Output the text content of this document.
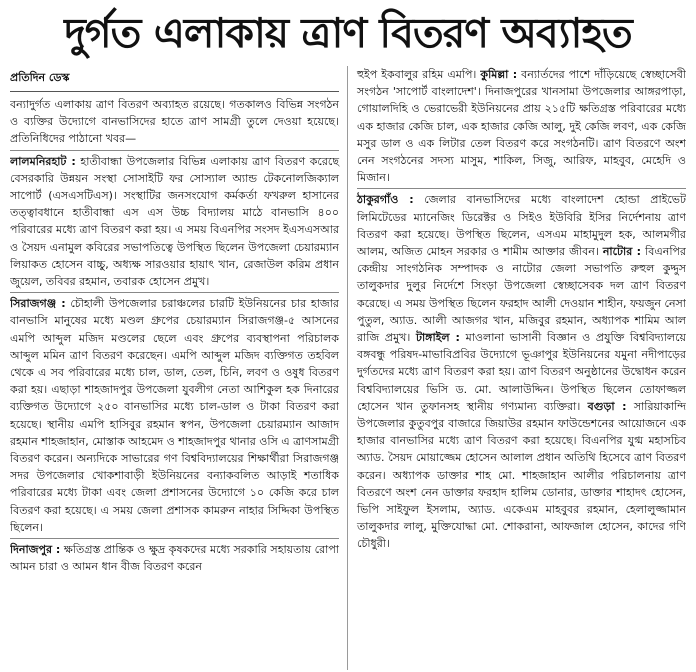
দুর্গত এলাকায় ত্রাণ বিতরণ অব্যাহত
প্রতিদিন ডেস্ক

বন্যাদুর্গত এলাকায় ত্রাণ বিতরণ অব্যাহত রয়েছে। গতকালও বিভিন্ন সংগঠন ও ব্যক্তির উদ্যোগে বানভাসিদের হাতে ত্রাণ সামগ্রী তুলে দেওয়া হয়েছে। প্রতিনিধিদের পাঠানো খবর—

লালমনিরহাট : হাতীবান্ধা উপজেলার বিভিন্ন এলাকায় ত্রাণ বিতরণ করেছে বেসরকারি উন্নয়ন সংস্থা সোসাইটি ফর সোস্যাল অ্যান্ড টেকনোলজিক্যাল সাপোর্ট (এসএসটিএস)। সংস্থাটির জনসংযোগ কর্মকর্তা ফখরুল হাসানের তত্ত্বাবধানে হাতীবান্ধা এস এস উচ্চ বিদ্যালয় মাঠে বানভাসি ৪০০ পরিবারের মধ্যে ত্রাণ বিতরণ করা হয়। এ সময় বিএনপির সংসদ ইএসএসআর ও সৈয়দ এনামুল কবিরের সভাপতিত্বে উপস্থিত ছিলেন উপজেলা চেয়ারম্যান লিয়াকত হোসেন বাচ্চু, অধ্যক্ষ সারওয়ার হায়াৎ খান, রেজাউল করিম প্রধান জুয়েল, তবিবর রহমান, তবারক হোসেন প্রমুখ।

সিরাজগঞ্জ : চৌহালী উপজেলার চরাঞ্চলের চারটি ইউনিয়নের চার হাজার বানভাসি মানুষের মধ্যে মণ্ডল গ্রুপের চেয়ারম্যান সিরাজগঞ্জ-৫ আসনের এমপি আব্দুল মজিদ মণ্ডলের ছেলে এবং গ্রুপের ব্যবস্থাপনা পরিচালক আব্দুল মমিন ত্রাণ বিতরণ করেছেন। এমপি আব্দুল মজিদ ব্যক্তিগত তহবিল থেকে এ সব পরিবারের মধ্যে চাল, ডাল, তেল, চিনি, লবণ ও ওষুধ বিতরণ করা হয়। এছাড়া শাহজাদপুর উপজেলা যুবলীগ নেতা আশিকুল হক দিনারের ব্যক্তিগত উদ্যোগে ২৫০ বানভাসির মধ্যে চাল-ডাল ও টাকা বিতরণ করা হয়েছে। স্থানীয় এমপি হাসিবুর রহমান স্বপন, উপজেলা চেয়ারম্যান আজাদ রহমান শাহজাহান, মোস্তাক আহমেদ ও শাহজাদপুর থানার ওসি এ ত্রাণসামগ্রী বিতরণ করেন। অন্যদিকে সাভারের গণ বিশ্ববিদ্যালয়ের শিক্ষার্থীরা সিরাজগঞ্জ সদর উপজেলার খোকশাবাড়ী ইউনিয়নের বন্যাকবলিত আড়াই শতাধিক পরিবারের মধ্যে টাকা এবং জেলা প্রশাসনের উদ্যোগে ১০ কেজি করে চাল বিতরণ করা হয়েছে। এ সময় জেলা প্রশাসক কামরুন নাহার সিদ্দিকা উপস্থিত ছিলেন।

দিনাজপুর : ক্ষতিগ্রস্ত প্রান্তিক ও ক্ষুদ্র কৃষকদের মধ্যে সরকারি সহায়তায় রোপা আমন চারা ও আমন ধান বীজ বিতরণ করেন

হুইপ ইকবালুর রহিম এমপি। কুমিল্লা : বন্যার্তদের পাশে দাঁড়িয়েছে স্বেচ্ছাসেবী সংগঠন 'সাপোর্ট বাংলাদেশ'। দিনাজপুরের খানসামা উপজেলার আঙ্গরপাড়া, গোয়ালদিহি ও ভেরাভেরী ইউনিয়নের প্রায় ২১৫টি ক্ষতিগ্রস্ত পরিবারের মধ্যে এক হাজার কেজি চাল, এক হাজার কেজি আলু, দুই কেজি লবণ, এক কেজি মসুর ডাল ও এক লিটার তেল বিতরণ করে সংগঠনটি। ত্রাণ বিতরণে অংশ নেন সংগঠনের সদস্য মাসুম, শাকিল, সিজু, আরিফ, মাহবুব, মেহেদি ও মিজান।

ঠাকুরগাঁও : জেলার বানভাসিদের মধ্যে বাংলাদেশ হোন্ডা প্রাইভেট লিমিটেডের ম্যানেজিং ডিরেক্টর ও সিইও ইউবিরি ইসির নির্দেশনায় ত্রাণ বিতরণ করা হয়েছে। উপস্থিত ছিলেন, এসএম মাহামুদুল হক, আলমগীর আলম, অজিত মোহন সরকার ও শামীম আক্তার জীবন। নাটোর : বিএনপির কেন্দ্রীয় সাংগঠনিক সম্পাদক ও নাটোর জেলা সভাপতি রুহুল কুদ্দুস তালুকদার দুলুর নির্দেশে সিংড়া উপজেলা স্বেচ্ছাসেবক দল ত্রাণ বিতরণ করেছে। এ সময় উপস্থিত ছিলেন ফরহাদ আলী দেওয়ান শাহীন, ফয়জুন নেসা পুতুল, অ্যাড. আলী আজগর খান, মজিবুর রহমান, অধ্যাপক শামিম আল রাজি প্রমুখ। টাঙ্গাইল : মাওলানা ভাসানী বিজ্ঞান ও প্রযুক্তি বিশ্ববিদ্যালয়ে বঙ্গবন্ধু পরিষদ-মাভাবিপ্রবির উদ্যোগে ভূঞাপুর ইউনিয়নের যমুনা নদীপাড়ের দুর্গতদের মধ্যে ত্রাণ বিতরণ করা হয়। ত্রাণ বিতরণ অনুষ্ঠানের উদ্বোধন করেন বিশ্ববিদ্যালয়ের ভিসি ড. মো. আলাউদ্দিন। উপস্থিত ছিলেন তোফাজ্জল হোসেন খান তুফানসহ স্থানীয় গণ্যমান্য ব্যক্তিরা। বগুড়া : সারিয়াকান্দি উপজেলার কুতুবপুর বাজারে জিয়াউর রহমান ফাউন্ডেশনের আয়োজনে এক হাজার বানভাসির মধ্যে ত্রাণ বিতরণ করা হয়েছে। বিএনপির যুগ্ম মহাসচিব অ্যাড. সৈয়দ মোয়াজ্জেম হোসেন আলাল প্রধান অতিথি হিসেবে ত্রাণ বিতরণ করেন। অধ্যাপক ডাক্তার শাহ মো. শাহজাহান আলীর পরিচালনায় ত্রাণ বিতরণে অংশ নেন ডাক্তার ফরহাদ হালিম ডোনার, ডাক্তার শাহাদৎ হোসেন, ভিপি সাইফুল ইসলাম, অ্যাড. একেএম মাহবুবর রহমান, হেলালুজ্জামান তালুকদার লালু, মুক্তিযোদ্ধা মো. শোকরানা, আফজাল হোসেন, কাদের গণি চৌধুরী।
